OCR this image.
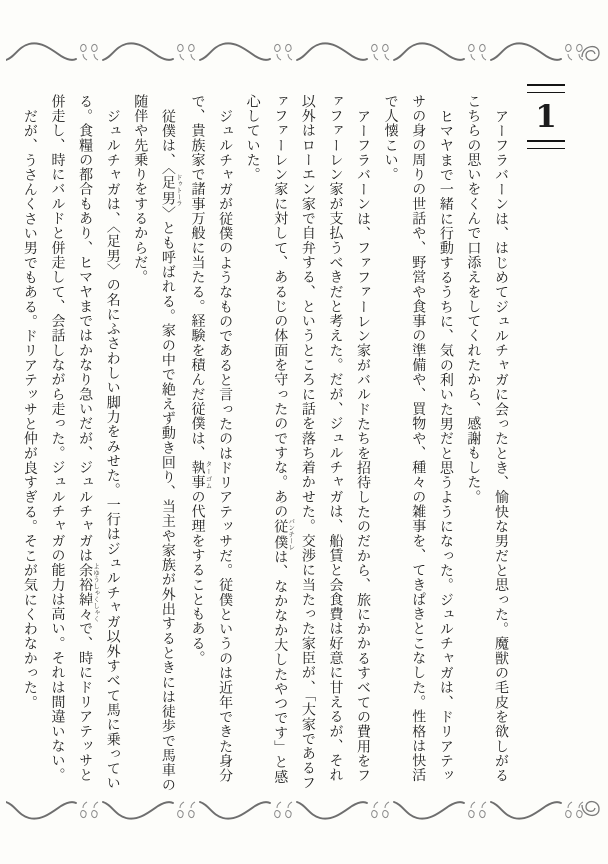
1

アーフラバーンは、はじめてジュルチャガに会ったとき、愉快な男だと思った。魔獣の毛皮を欲しがるこちらの思いをくんで口添えをしてくれたから、感謝もした。

ヒマヤまで一緒に行動するうちに、気の利いた男だと思うようになった。ジュルチャガは、ドリアテッサの身の周りの世話や、野営や食事の準備や、買物や、種々の雑事を、てきぱきとこなした。性格は快活で人懐こい。

アーフラバーンは、ファファーレン家がバルドたちを招待したのだから、旅にかかるすべての費用をファファーレン家が支払うべきだと考えた。だが、ジュルチャガは、船賃と会食費は好意に甘えるが、それ以外はローエン家で自弁する、というところに話を落ち着かせた。交渉に当たった家臣が、「大家であるファファーレン家に対して、あるじの体面を守ったのですな。あの従僕 パンチーレは、なかなか大したやつです」と感心していた。

ジュルチャガが従僕のようなものであると言ったのはドリアテッサだ。従僕というのは近年できた身分で、貴族家で諸事万般に当たる。経験を積んだ従僕は、執事 ターゴムの代理をすることもある。

従僕は、〈足男 ドゥトーラ〉とも呼ばれる。家の中で絶えず動き回り、当主や家族が外出するときには徒歩で馬車の随伴や先乗りをするからだ。

ジュルチャガは、〈足男〉の名にふさわしい脚力をみせた。一行はジュルチャガ以外すべて馬に乗っている。食糧の都合もあり、ヒマヤまではかなり急いだが、ジュルチャガは余裕綽々 よゆうしゃくしゃくで、時にドリアテッサと併走し、時にバルドと併走して、会話しながら走った。ジュルチャガの能力は高い。それは間違いない。

だが、うさんくさい男でもある。ドリアテッサと仲が良すぎる。そこが気にくわなかった。
